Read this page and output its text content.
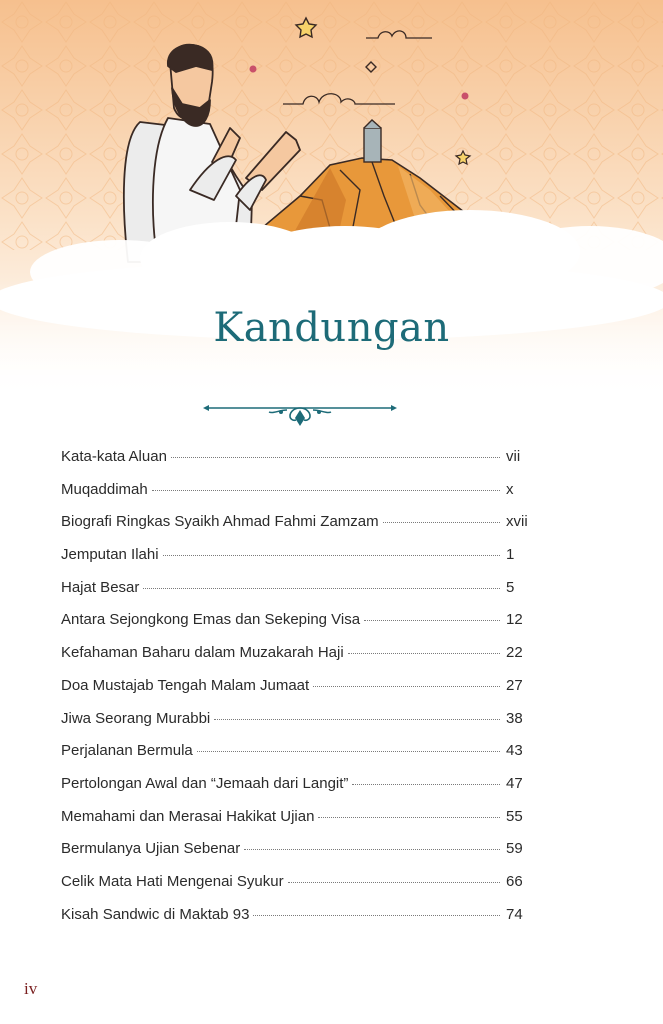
Kandungan
Kata-kata Aluan	vii
Muqaddimah	x
Biografi Ringkas Syaikh Ahmad Fahmi Zamzam	xvii
Jemputan Ilahi	1
Hajat Besar	5
Antara Sejongkong Emas dan Sekeping Visa	12
Kefahaman Baharu dalam Muzakarah Haji	22
Doa Mustajab Tengah Malam Jumaat	27
Jiwa Seorang Murabbi	38
Perjalanan Bermula	43
Pertolongan Awal dan “Jemaah dari Langit”	47
Memahami dan Merasai Hakikat Ujian	55
Bermulanya Ujian Sebenar	59
Celik Mata Hati Mengenai Syukur	66
Kisah Sandwic di Maktab 93	74
iv
